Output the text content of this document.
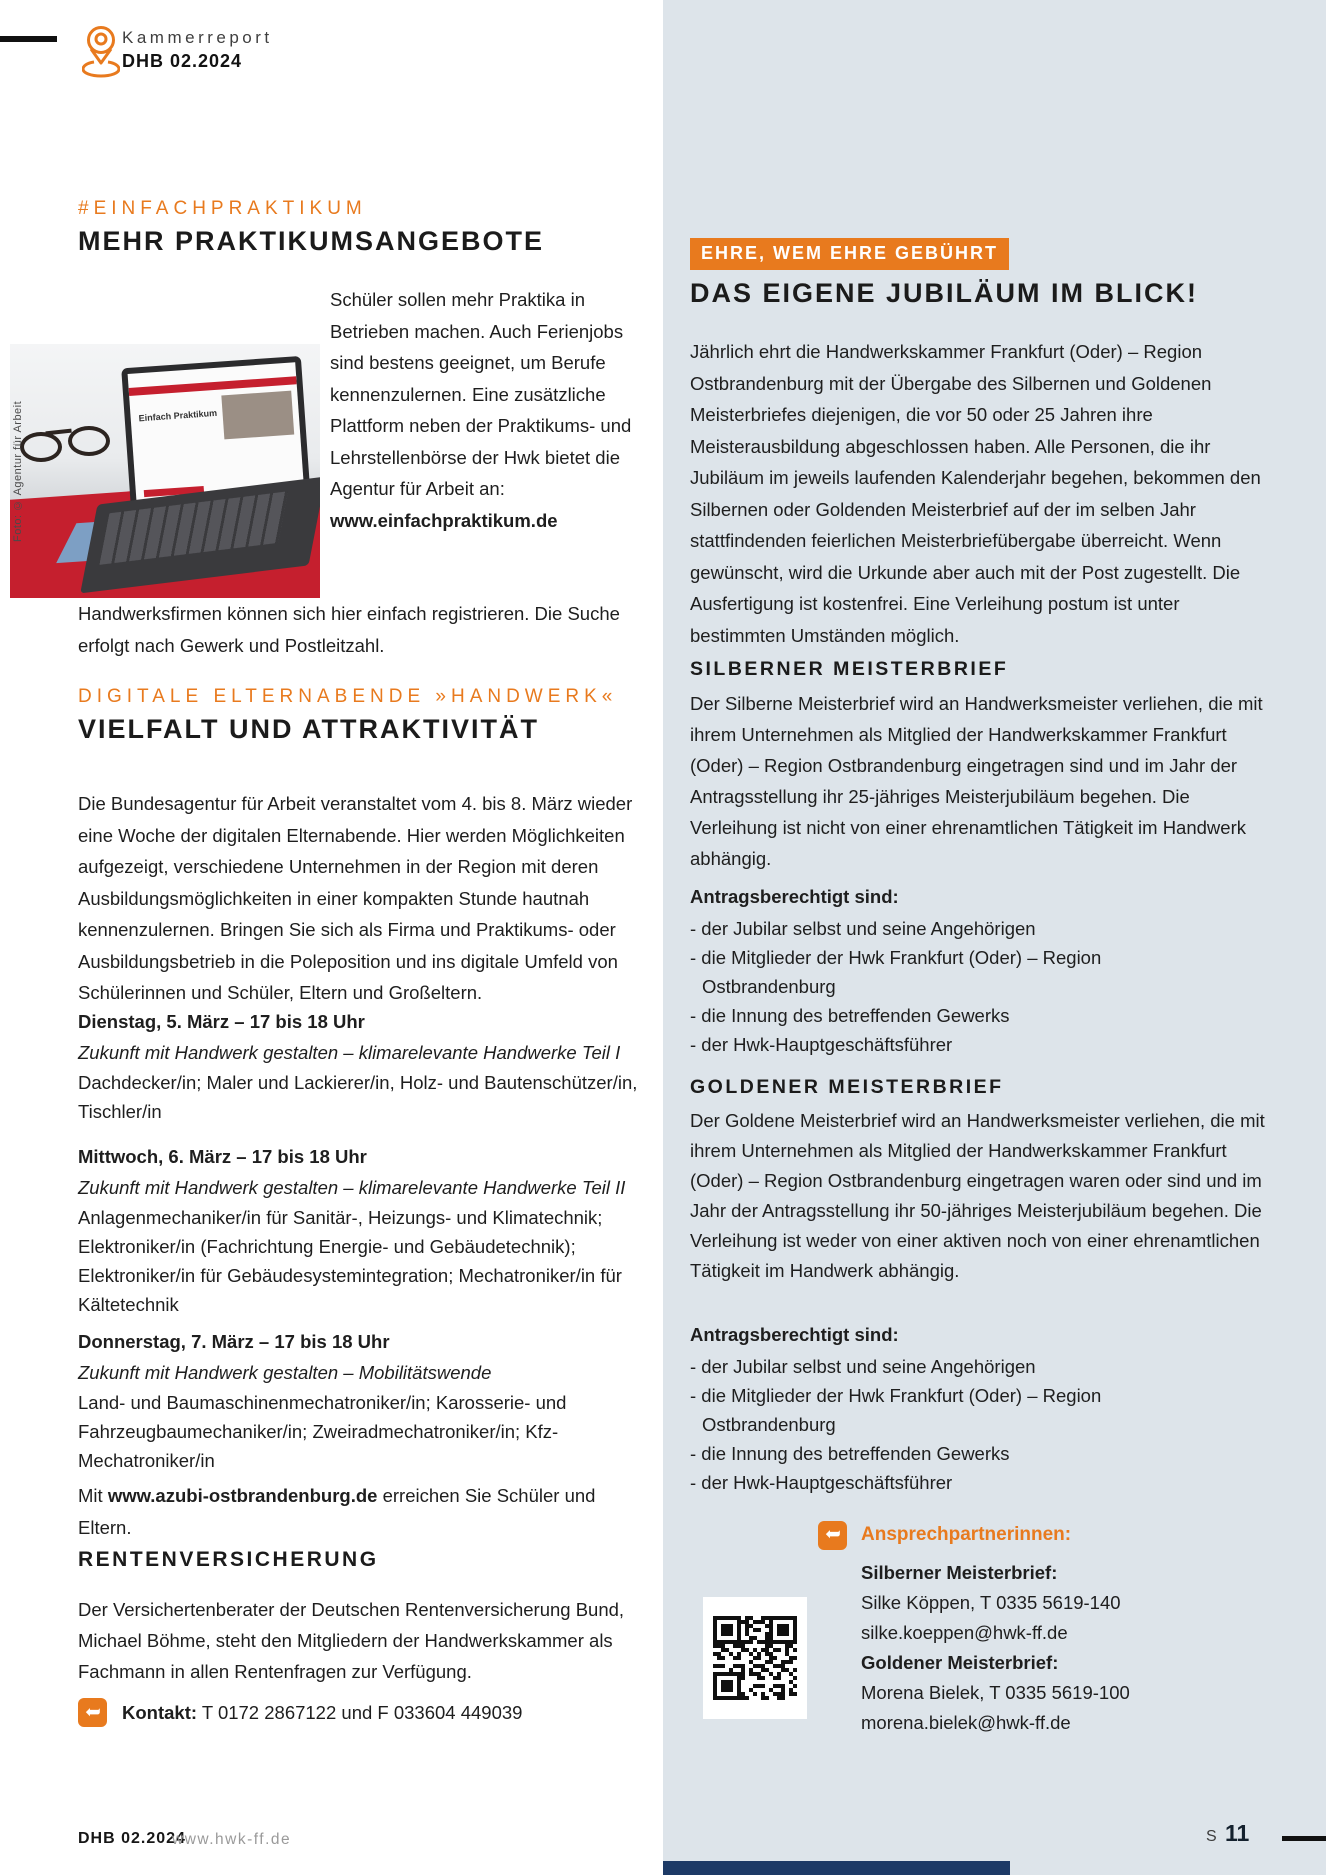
Kammerreport
DHB 02.2024
#EINFACHPRAKTIKUM
MEHR PRAKTIKUMSANGEBOTE
Einfach Praktikum
Foto: © Agentur für Arbeit
Schüler sollen mehr Praktika in Betrieben machen. Auch Ferienjobs sind bestens geeignet, um Berufe kennenzulernen. Eine zusätzliche Plattform neben der Praktikums- und Lehrstellenbörse der Hwk bietet die Agentur für Arbeit an:
www.einfachpraktikum.de
Handwerksfirmen können sich hier einfach registrieren. Die Suche erfolgt nach Gewerk und Postleitzahl.
DIGITALE ELTERNABENDE »HANDWERK«
VIELFALT UND ATTRAKTIVITÄT
Die Bundesagentur für Arbeit veranstaltet vom 4. bis 8. März wieder eine Woche der digitalen Elternabende. Hier werden Möglichkeiten aufgezeigt, verschiedene Unternehmen in der Region mit deren Ausbildungsmöglichkeiten in einer kompakten Stunde hautnah kennenzulernen. Bringen Sie sich als Firma und Praktikums- oder Ausbildungsbetrieb in die Poleposition und ins digitale Umfeld von Schülerinnen und Schüler, Eltern und Großeltern.
Dienstag, 5. März – 17 bis 18 Uhr
Zukunft mit Handwerk gestalten – klimarelevante Handwerke Teil I
Dachdecker/in; Maler und Lackierer/in, Holz- und Bautenschützer/in, Tischler/in
Mittwoch, 6. März – 17 bis 18 Uhr
Zukunft mit Handwerk gestalten – klimarelevante Handwerke Teil II
Anlagenmechaniker/in für Sanitär-, Heizungs- und Klimatechnik; Elektroniker/in (Fachrichtung Energie- und Gebäudetechnik); Elektroniker/in für Gebäudesystemintegration; Mechatroniker/in für Kältetechnik
Donnerstag, 7. März – 17 bis 18 Uhr
Zukunft mit Handwerk gestalten – Mobilitätswende
Land- und Baumaschinenmechatroniker/in; Karosserie- und Fahrzeugbaumechaniker/in; Zweiradmechatroniker/in; Kfz-Mechatroniker/in
Mit www.azubi-ostbrandenburg.de erreichen Sie Schüler und Eltern.
RENTENVERSICHERUNG
Der Versichertenberater der Deutschen Rentenversicherung Bund, Michael Böhme, steht den Mitgliedern der Handwerkskammer als Fachmann in allen Rentenfragen zur Verfügung.
➥ Kontakt: T 0172 2867122 und F 033604 449039
EHRE, WEM EHRE GEBÜHRT
DAS EIGENE JUBILÄUM IM BLICK!
Jährlich ehrt die Handwerkskammer Frankfurt (Oder) – Region Ostbrandenburg mit der Übergabe des Silbernen und Goldenen Meisterbriefes diejenigen, die vor 50 oder 25 Jahren ihre Meisterausbildung abgeschlossen haben. Alle Personen, die ihr Jubiläum im jeweils laufenden Kalenderjahr begehen, bekommen den Silbernen oder Goldenden Meisterbrief auf der im selben Jahr stattfindenden feierlichen Meisterbriefübergabe überreicht. Wenn gewünscht, wird die Urkunde aber auch mit der Post zugestellt. Die Ausfertigung ist kostenfrei. Eine Verleihung postum ist unter bestimmten Umständen möglich.
SILBERNER MEISTERBRIEF
Der Silberne Meisterbrief wird an Handwerksmeister verliehen, die mit ihrem Unternehmen als Mitglied der Handwerkskammer Frankfurt (Oder) – Region Ostbrandenburg eingetragen sind und im Jahr der Antragsstellung ihr 25-jähriges Meisterjubiläum begehen. Die Verleihung ist nicht von einer ehrenamtlichen Tätigkeit im Handwerk abhängig.
Antragsberechtigt sind:
- der Jubilar selbst und seine Angehörigen
- die Mitglieder der Hwk Frankfurt (Oder) – Region Ostbrandenburg
- die Innung des betreffenden Gewerks
- der Hwk-Hauptgeschäftsführer
GOLDENER MEISTERBRIEF
Der Goldene Meisterbrief wird an Handwerksmeister verliehen, die mit ihrem Unternehmen als Mitglied der Handwerkskammer Frankfurt (Oder) – Region Ostbrandenburg eingetragen waren oder sind und im Jahr der Antragsstellung ihr 50-jähriges Meisterjubiläum begehen. Die Verleihung ist weder von einer aktiven noch von einer ehrenamtlichen Tätigkeit im Handwerk abhängig.
Antragsberechtigt sind:
- der Jubilar selbst und seine Angehörigen
- die Mitglieder der Hwk Frankfurt (Oder) – Region Ostbrandenburg
- die Innung des betreffenden Gewerks
- der Hwk-Hauptgeschäftsführer
➥ Ansprechpartnerinnen:
Silberner Meisterbrief:
Silke Köppen, T 0335 5619-140
silke.koeppen@hwk-ff.de
Goldener Meisterbrief:
Morena Bielek, T 0335 5619-100
morena.bielek@hwk-ff.de
DHB 02.2024
www.hwk-ff.de	S 11
